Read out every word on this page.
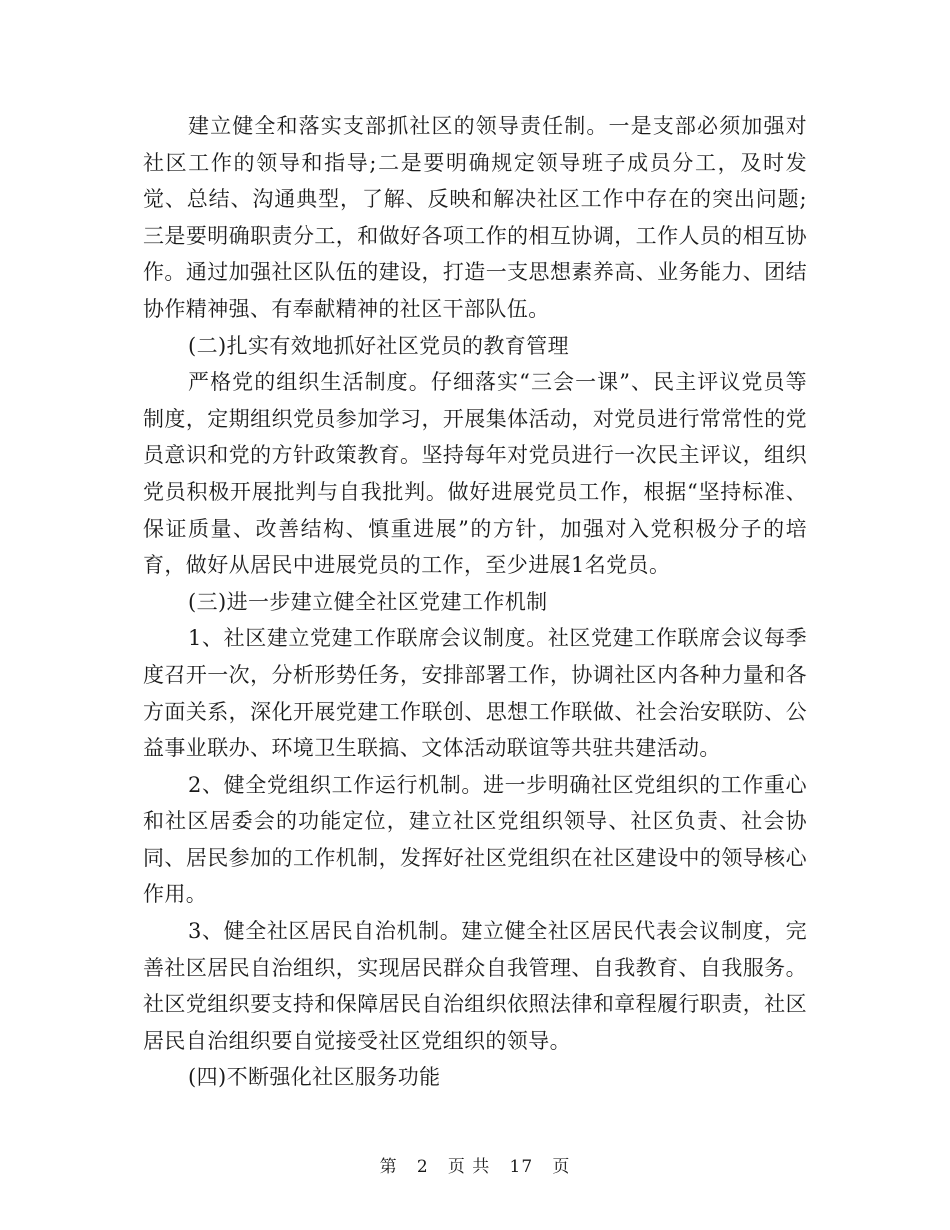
建立健全和落实支部抓社区的领导责任制。一是支部必须加强对社区工作的领导和指导;二是要明确规定领导班子成员分工，及时发觉、总结、沟通典型，了解、反映和解决社区工作中存在的突出问题;三是要明确职责分工，和做好各项工作的相互协调，工作人员的相互协作。通过加强社区队伍的建设，打造一支思想素养高、业务能力、团结协作精神强、有奉献精神的社区干部队伍。

(二)扎实有效地抓好社区党员的教育管理

严格党的组织生活制度。仔细落实“三会一课”、民主评议党员等制度，定期组织党员参加学习，开展集体活动，对党员进行常常性的党员意识和党的方针政策教育。坚持每年对党员进行一次民主评议，组织党员积极开展批判与自我批判。做好进展党员工作，根据“坚持标准、保证质量、改善结构、慎重进展”的方针，加强对入党积极分子的培育，做好从居民中进展党员的工作，至少进展1名党员。

(三)进一步建立健全社区党建工作机制

1、社区建立党建工作联席会议制度。社区党建工作联席会议每季度召开一次，分析形势任务，安排部署工作，协调社区内各种力量和各方面关系，深化开展党建工作联创、思想工作联做、社会治安联防、公益事业联办、环境卫生联搞、文体活动联谊等共驻共建活动。

2、健全党组织工作运行机制。进一步明确社区党组织的工作重心和社区居委会的功能定位，建立社区党组织领导、社区负责、社会协同、居民参加的工作机制，发挥好社区党组织在社区建设中的领导核心作用。

3、健全社区居民自治机制。建立健全社区居民代表会议制度，完善社区居民自治组织，实现居民群众自我管理、自我教育、自我服务。社区党组织要支持和保障居民自治组织依照法律和章程履行职责，社区居民自治组织要自觉接受社区党组织的领导。

(四)不断强化社区服务功能

第 2 页 共 17 页
